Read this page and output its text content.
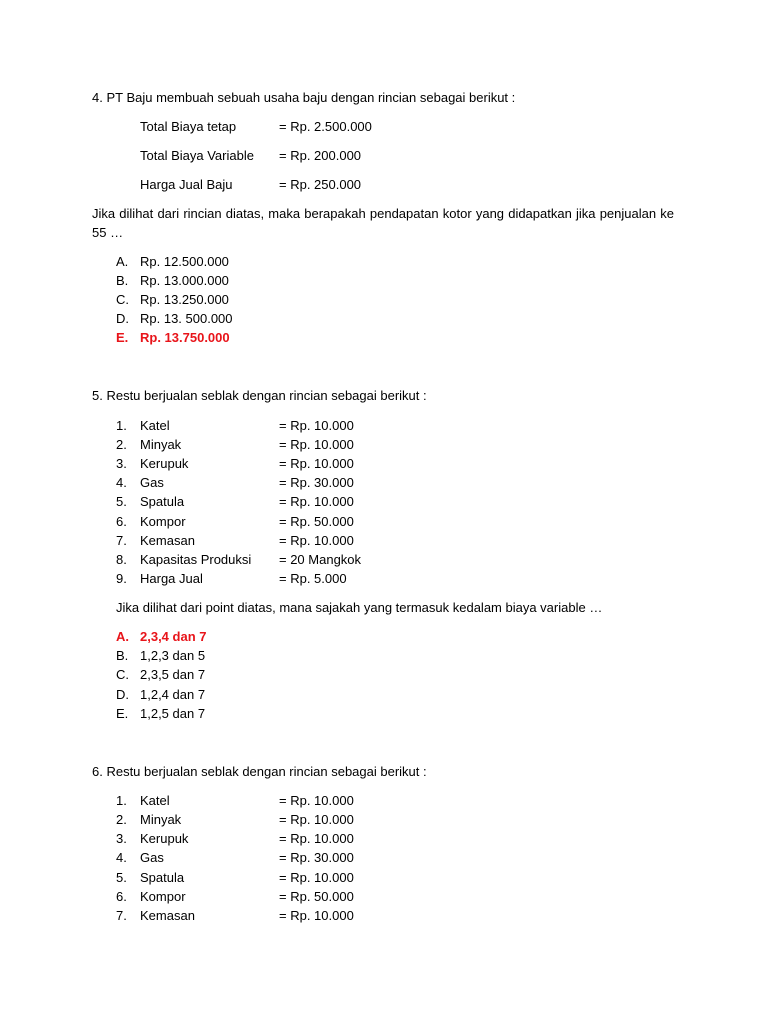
4. PT Baju membuah sebuah usaha baju dengan rincian sebagai berikut :
Total Biaya tetap	= Rp. 2.500.000
Total Biaya Variable = Rp. 200.000
Harga Jual Baju	= Rp. 250.000
Jika dilihat dari rincian diatas, maka berapakah pendapatan kotor yang didapatkan jika penjualan ke 55 …
A. Rp. 12.500.000
B. Rp. 13.000.000
C. Rp. 13.250.000
D. Rp. 13. 500.000
E. Rp. 13.750.000
5. Restu berjualan seblak dengan rincian sebagai berikut :
1. Katel	= Rp. 10.000
2. Minyak	= Rp. 10.000
3. Kerupuk	= Rp. 10.000
4. Gas	= Rp. 30.000
5. Spatula	= Rp. 10.000
6. Kompor	= Rp. 50.000
7. Kemasan	= Rp. 10.000
8. Kapasitas Produksi = 20 Mangkok
9. Harga Jual	= Rp. 5.000
Jika dilihat dari point diatas, mana sajakah yang termasuk kedalam biaya variable …
A. 2,3,4 dan 7
B. 1,2,3 dan 5
C. 2,3,5 dan 7
D. 1,2,4 dan 7
E. 1,2,5 dan 7
6. Restu berjualan seblak dengan rincian sebagai berikut :
1. Katel	= Rp. 10.000
2. Minyak	= Rp. 10.000
3. Kerupuk	= Rp. 10.000
4. Gas	= Rp. 30.000
5. Spatula	= Rp. 10.000
6. Kompor	= Rp. 50.000
7. Kemasan	= Rp. 10.000
